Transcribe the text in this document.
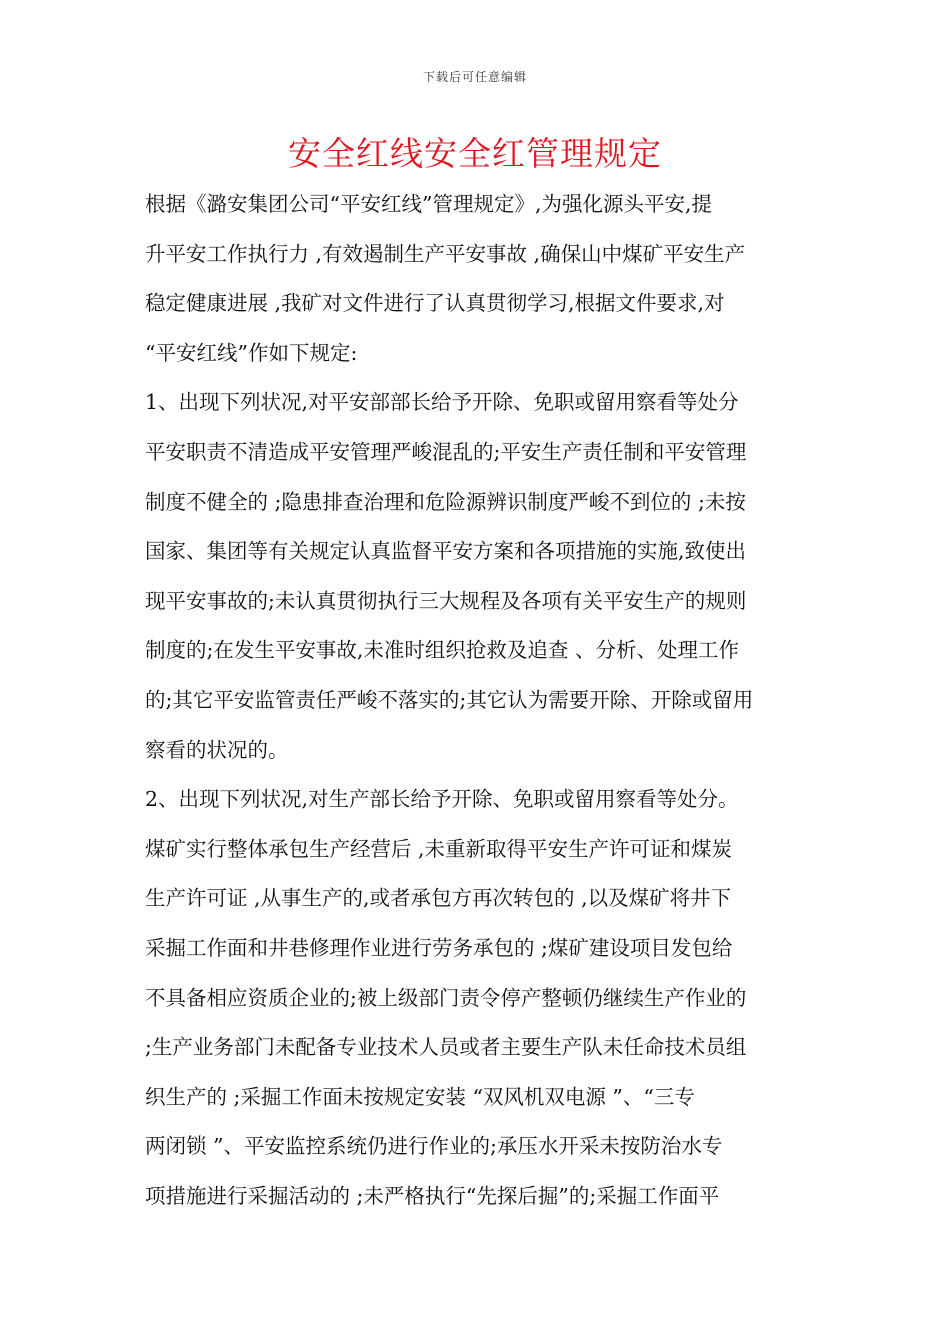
下载后可任意编辑
安全红线安全红管理规定
根据《潞安集团公司“平安红线”管理规定》,为强化源头平安,提
升平安工作执行力 ,有效遏制生产平安事故 ,确保山中煤矿平安生产
稳定健康进展 ,我矿对文件进行了认真贯彻学习,根据文件要求,对
“平安红线”作如下规定:
1、出现下列状况,对平安部部长给予开除、免职或留用察看等处分
平安职责不清造成平安管理严峻混乱的;平安生产责任制和平安管理
制度不健全的 ;隐患排查治理和危险源辨识制度严峻不到位的 ;未按
国家、集团等有关规定认真监督平安方案和各项措施的实施,致使出
现平安事故的;未认真贯彻执行三大规程及各项有关平安生产的规则
制度的;在发生平安事故,未准时组织抢救及追查 、分析、处理工作
的;其它平安监管责任严峻不落实的;其它认为需要开除、开除或留用
察看的状况的。
2、出现下列状况,对生产部长给予开除、免职或留用察看等处分。
煤矿实行整体承包生产经营后 ,未重新取得平安生产许可证和煤炭
生产许可证 ,从事生产的,或者承包方再次转包的 ,以及煤矿将井下
采掘工作面和井巷修理作业进行劳务承包的 ;煤矿建设项目发包给
不具备相应资质企业的;被上级部门责令停产整顿仍继续生产作业的
;生产业务部门未配备专业技术人员或者主要生产队未任命技术员组
织生产的 ;采掘工作面未按规定安装 “双风机双电源 ”、“三专
两闭锁 ”、平安监控系统仍进行作业的;承压水开采未按防治水专
项措施进行采掘活动的 ;未严格执行“先探后掘”的;采掘工作面平
